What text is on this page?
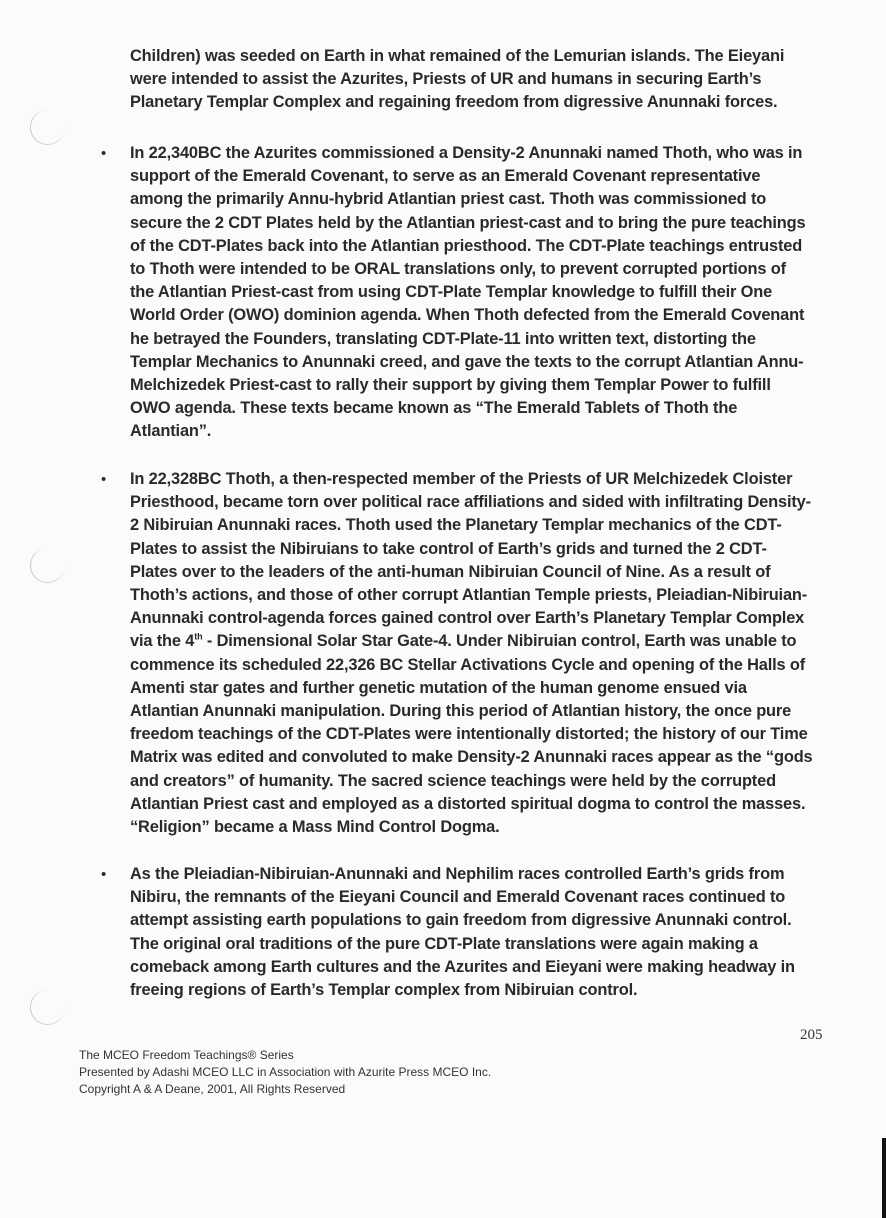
Children) was seeded on Earth in what remained of the Lemurian islands. The Eieyani
were intended to assist the Azurites, Priests of UR and humans in securing Earth’s
Planetary Templar Complex and regaining freedom from digressive Anunnaki forces.

•	In 22,340BC the Azurites commissioned a Density-2 Anunnaki named Thoth, who was in
support of the Emerald Covenant, to serve as an Emerald Covenant representative
among the primarily Annu-hybrid Atlantian priest cast. Thoth was commissioned to
secure the 2 CDT Plates held by the Atlantian priest-cast and to bring the pure teachings
of the CDT-Plates back into the Atlantian priesthood. The CDT-Plate teachings entrusted
to Thoth were intended to be ORAL translations only, to prevent corrupted portions of
the Atlantian Priest-cast from using CDT-Plate Templar knowledge to fulfill their One
World Order (OWO) dominion agenda. When Thoth defected from the Emerald Covenant
he betrayed the Founders, translating CDT-Plate-11 into written text, distorting the
Templar Mechanics to Anunnaki creed, and gave the texts to the corrupt Atlantian Annu-
Melchizedek Priest-cast to rally their support by giving them Templar Power to fulfill
OWO agenda. These texts became known as “The Emerald Tablets of Thoth the
Atlantian”.

•	In 22,328BC Thoth, a then-respected member of the Priests of UR Melchizedek Cloister
Priesthood, became torn over political race affiliations and sided with infiltrating Density-
2 Nibiruian Anunnaki races. Thoth used the Planetary Templar mechanics of the CDT-
Plates to assist the Nibiruians to take control of Earth’s grids and turned the 2 CDT-
Plates over to the leaders of the anti-human Nibiruian Council of Nine. As a result of
Thoth’s actions, and those of other corrupt Atlantian Temple priests, Pleiadian-Nibiruian-
Anunnaki control-agenda forces gained control over Earth’s Planetary Templar Complex
via the 4th - Dimensional Solar Star Gate-4. Under Nibiruian control, Earth was unable to
commence its scheduled 22,326 BC Stellar Activations Cycle and opening of the Halls of
Amenti star gates and further genetic mutation of the human genome ensued via
Atlantian Anunnaki manipulation. During this period of Atlantian history, the once pure
freedom teachings of the CDT-Plates were intentionally distorted; the history of our Time
Matrix was edited and convoluted to make Density-2 Anunnaki races appear as the “gods
and creators” of humanity. The sacred science teachings were held by the corrupted
Atlantian Priest cast and employed as a distorted spiritual dogma to control the masses.
“Religion” became a Mass Mind Control Dogma.

•	As the Pleiadian-Nibiruian-Anunnaki and Nephilim races controlled Earth’s grids from
Nibiru, the remnants of the Eieyani Council and Emerald Covenant races continued to
attempt assisting earth populations to gain freedom from digressive Anunnaki control.
The original oral traditions of the pure CDT-Plate translations were again making a
comeback among Earth cultures and the Azurites and Eieyani were making headway in
freeing regions of Earth’s Templar complex from Nibiruian control.

205
The MCEO Freedom Teachings® Series
Presented by Adashi MCEO LLC in Association with Azurite Press MCEO Inc.
Copyright A & A Deane, 2001, All Rights Reserved
